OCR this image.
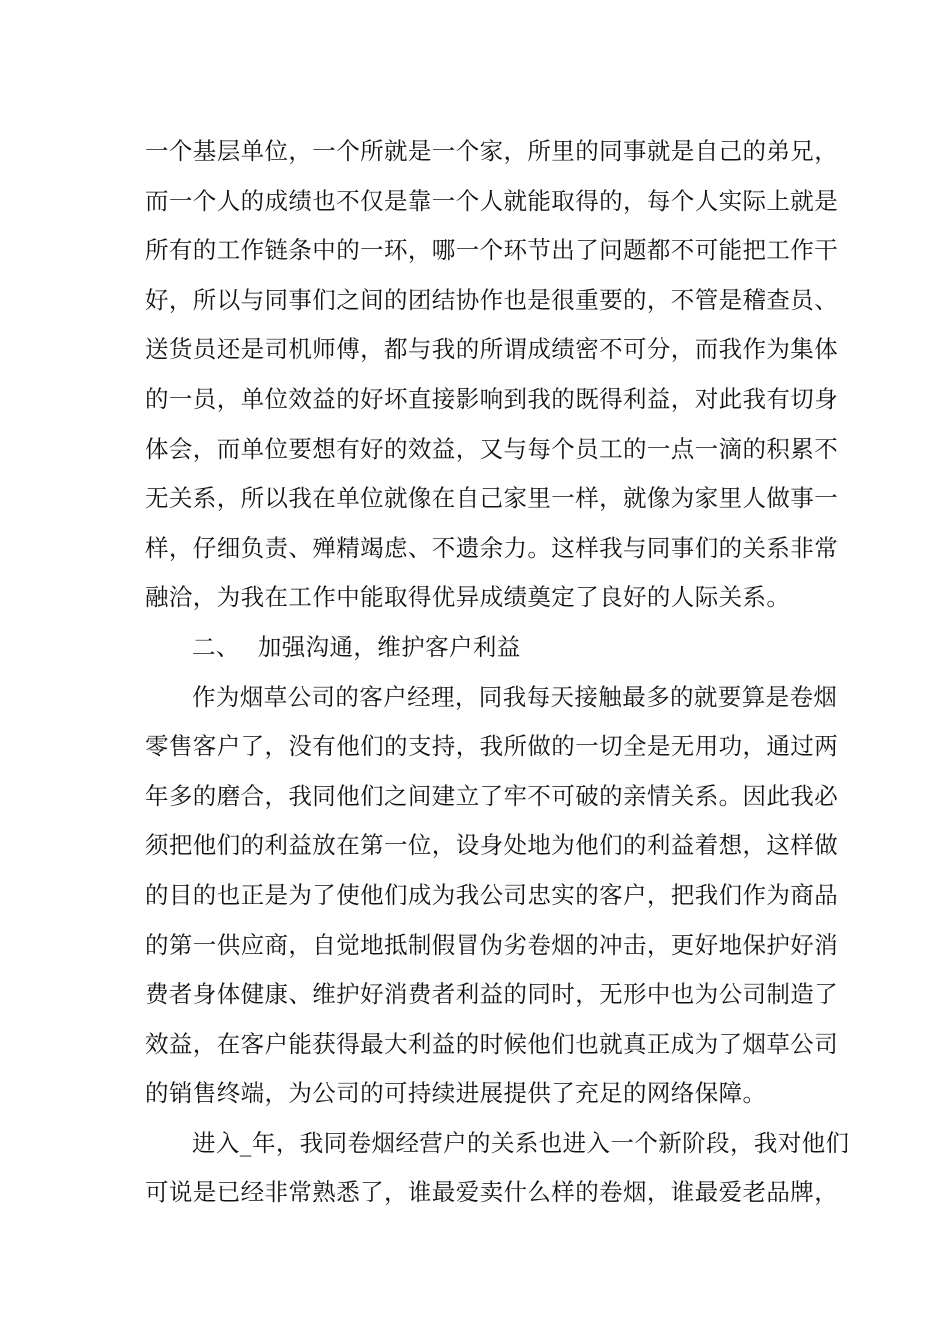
一个基层单位，一个所就是一个家，所里的同事就是自己的弟兄，
而一个人的成绩也不仅是靠一个人就能取得的，每个人实际上就是
所有的工作链条中的一环，哪一个环节出了问题都不可能把工作干
好，所以与同事们之间的团结协作也是很重要的，不管是稽查员、
送货员还是司机师傅，都与我的所谓成绩密不可分，而我作为集体
的一员，单位效益的好坏直接影响到我的既得利益，对此我有切身
体会，而单位要想有好的效益，又与每个员工的一点一滴的积累不
无关系，所以我在单位就像在自己家里一样，就像为家里人做事一
样，仔细负责、殚精竭虑、不遗余力。这样我与同事们的关系非常
融洽，为我在工作中能取得优异成绩奠定了良好的人际关系。
二、 加强沟通，维护客户利益
作为烟草公司的客户经理，同我每天接触最多的就要算是卷烟
零售客户了，没有他们的支持，我所做的一切全是无用功，通过两
年多的磨合，我同他们之间建立了牢不可破的亲情关系。因此我必
须把他们的利益放在第一位，设身处地为他们的利益着想，这样做
的目的也正是为了使他们成为我公司忠实的客户，把我们作为商品
的第一供应商，自觉地抵制假冒伪劣卷烟的冲击，更好地保护好消
费者身体健康、维护好消费者利益的同时，无形中也为公司制造了
效益，在客户能获得最大利益的时候他们也就真正成为了烟草公司
的销售终端，为公司的可持续进展提供了充足的网络保障。
进入_年，我同卷烟经营户的关系也进入一个新阶段，我对他们
可说是已经非常熟悉了，谁最爱卖什么样的卷烟，谁最爱老品牌，
